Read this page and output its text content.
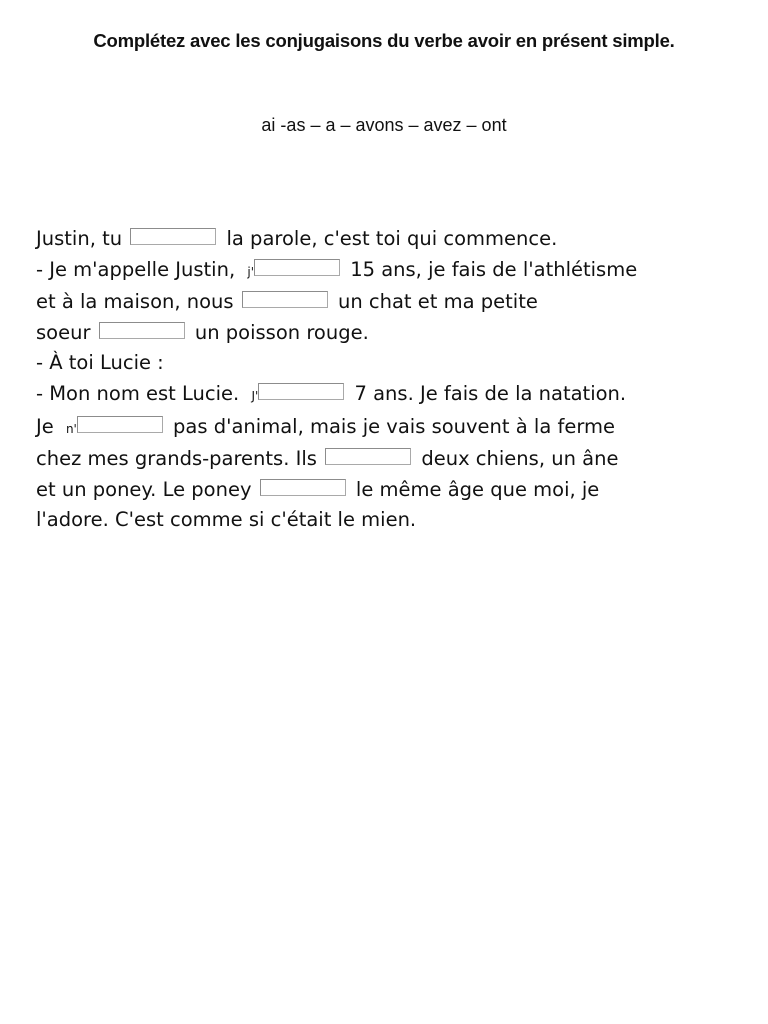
Complétez avec les conjugaisons du verbe avoir en présent simple.
ai -as – a – avons – avez – ont
Justin, tu	la parole, c'est toi qui commence.
- Je m'appelle Justin, j'	15 ans, je fais de l'athlétisme
et à la maison, nous	un chat et ma petite
soeur	un poisson rouge.
- À toi Lucie :
- Mon nom est Lucie. J'	7 ans. Je fais de la natation.
Je n'	pas d'animal, mais je vais souvent à la ferme
chez mes grands-parents. Ils	deux chiens, un âne
et un poney. Le poney	le même âge que moi, je
l'adore. C'est comme si c'était le mien.
